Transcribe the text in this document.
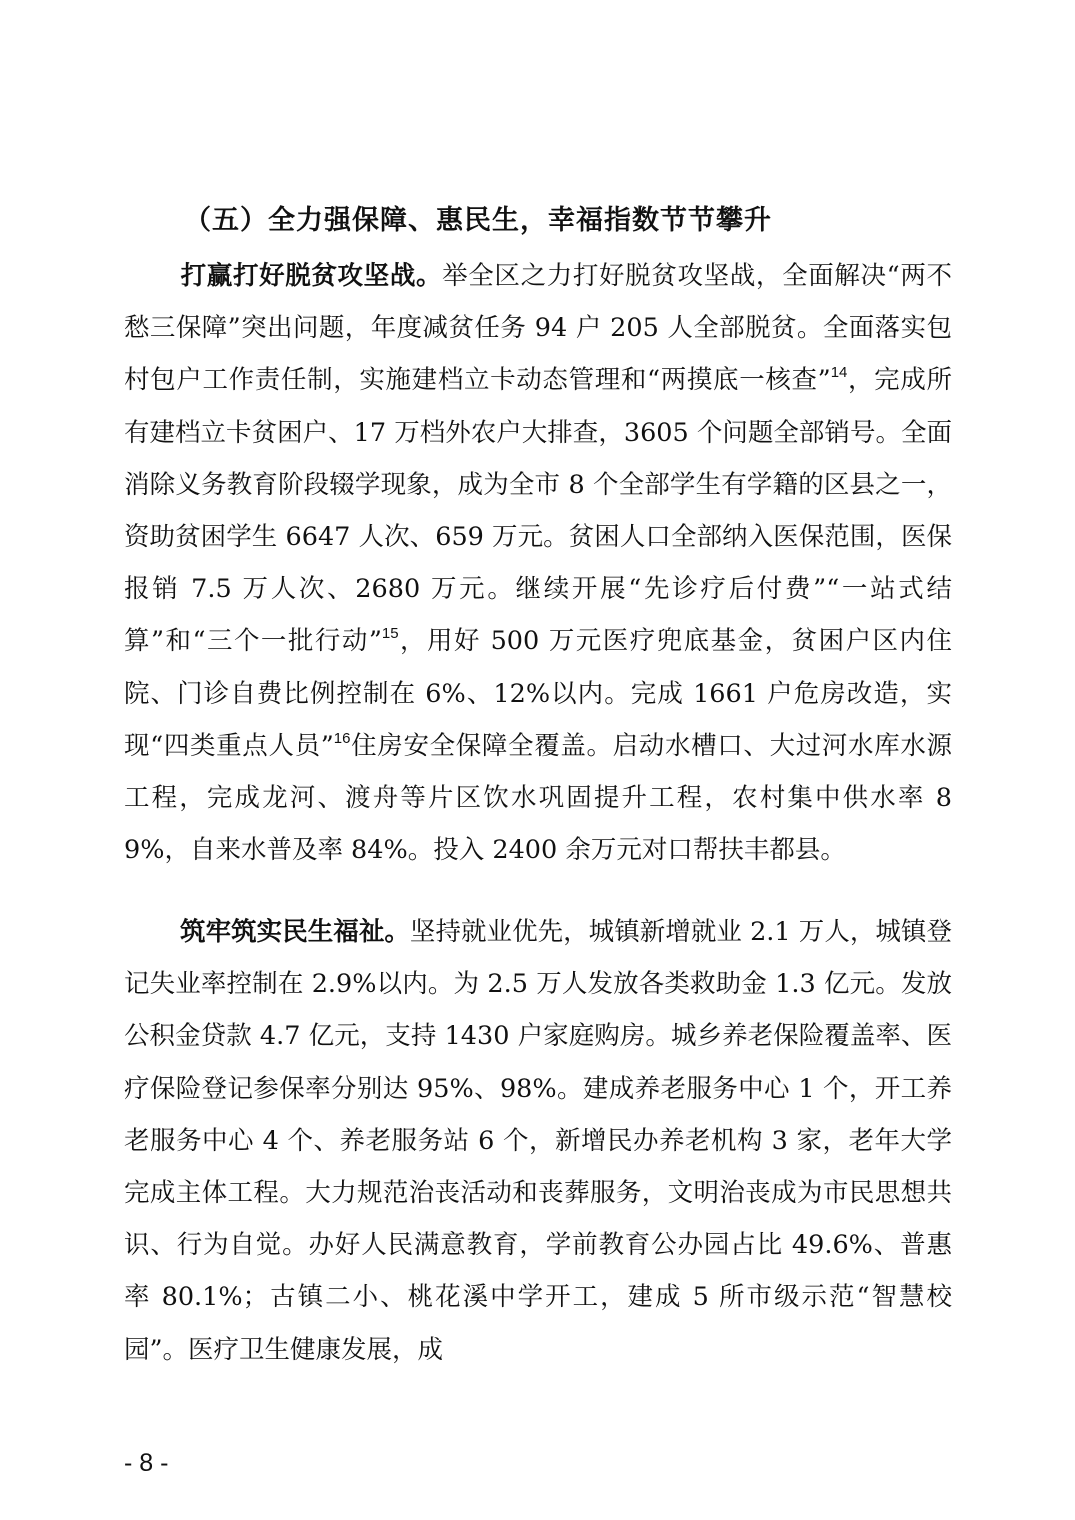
（五）全力强保障、惠民生，幸福指数节节攀升
打赢打好脱贫攻坚战。举全区之力打好脱贫攻坚战，全面解决“两不愁三保障”突出问题，年度减贫任务 94 户 205 人全部脱贫。全面落实包村包户工作责任制，实施建档立卡动态管理和“两摸底一核查”$^{14}$，完成所有建档立卡贫困户、17 万档外农户大排查，3605 个问题全部销号。全面消除义务教育阶段辍学现象，成为全市 8 个全部学生有学籍的区县之一，资助贫困学生 6647 人次、659 万元。贫困人口全部纳入医保范围，医保报销 7.5 万人次、2680 万元。继续开展“先诊疗后付费”“一站式结算”和“三个一批行动”$^{15}$，用好 500 万元医疗兜底基金，贫困户区内住院、门诊自费比例控制在 6%、12%以内。完成 1661 户危房改造，实现“四类重点人员”$^{16}$住房安全保障全覆盖。启动水槽口、大过河水库水源工程，完成龙河、渡舟等片区饮水巩固提升工程，农村集中供水率 89%，自来水普及率 84%。投入 2400 余万元对口帮扶丰都县。
筑牢筑实民生福祉。坚持就业优先，城镇新增就业 2.1 万人，城镇登记失业率控制在 2.9%以内。为 2.5 万人发放各类救助金 1.3 亿元。发放公积金贷款 4.7 亿元，支持 1430 户家庭购房。城乡养老保险覆盖率、医疗保险登记参保率分别达 95%、98%。建成养老服务中心 1 个，开工养老服务中心 4 个、养老服务站 6 个，新增民办养老机构 3 家，老年大学完成主体工程。大力规范治丧活动和丧葬服务，文明治丧成为市民思想共识、行为自觉。办好人民满意教育，学前教育公办园占比 49.6%、普惠率 80.1%；古镇二小、桃花溪中学开工，建成 5 所市级示范“智慧校园”。医疗卫生健康发展，成
- 8 -
